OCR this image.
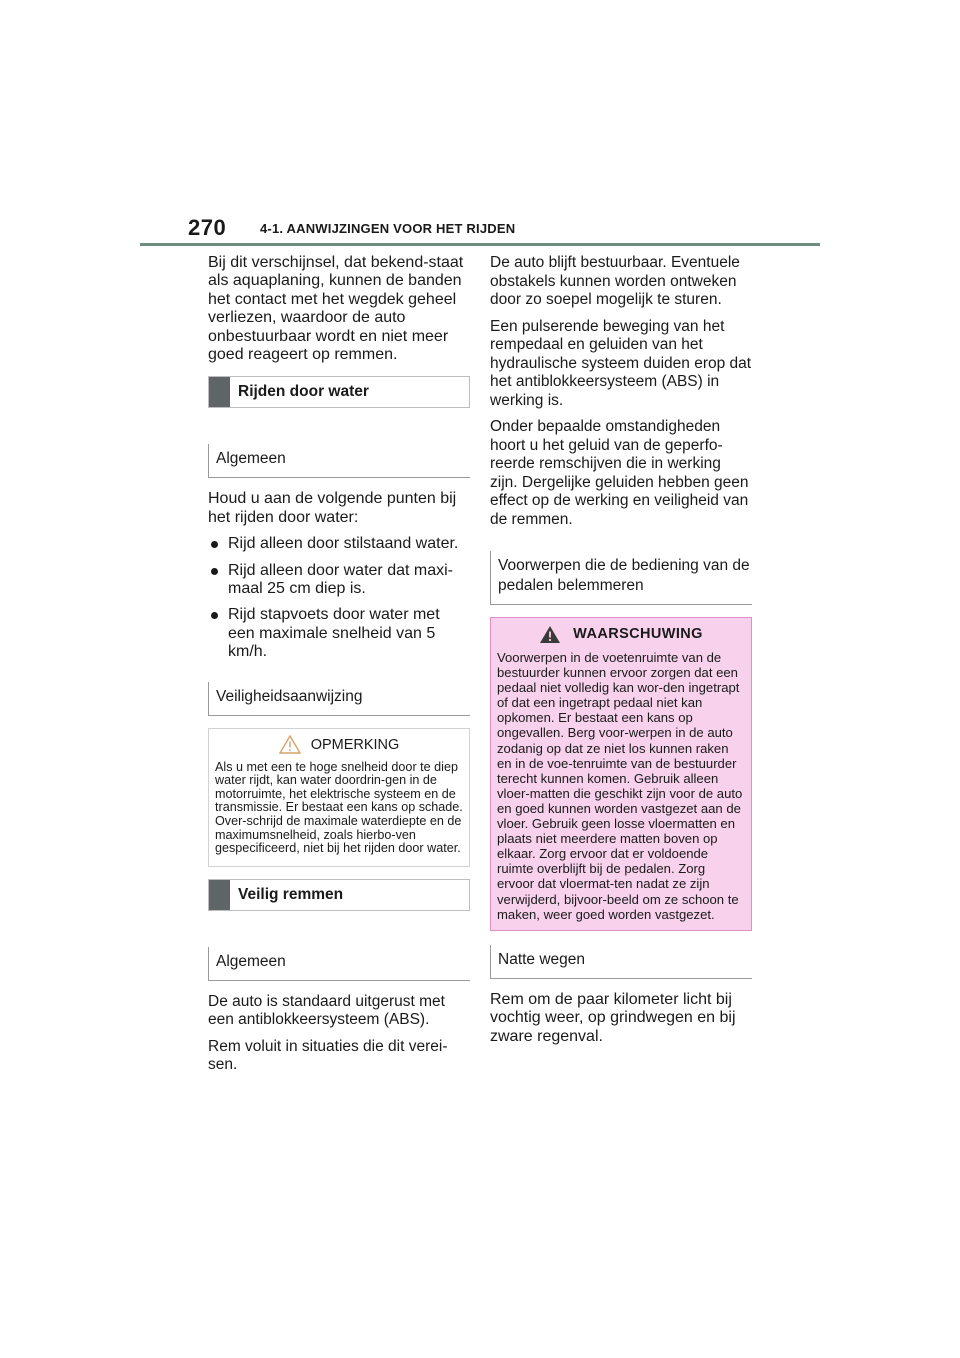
270	4-1. AANWIJZINGEN VOOR HET RIJDEN

Bij dit verschijnsel, dat bekend-staat als aquaplaning, kunnen de banden het contact met het wegdek geheel verliezen, waardoor de auto onbestuurbaar wordt en niet meer goed reageert op remmen.

Rijden door water
Algemeen

Houd u aan de volgende punten bij het rijden door water:

Rijd alleen door stilstaand water.
Rijd alleen door water dat maxi-maal 25 cm diep is.
Rijd stapvoets door water met een maximale snelheid van 5 km/h.
Veiligheidsaanwijzing
OPMERKING
Als u met een te hoge snelheid door te diep water rijdt, kan water doordrin-gen in de motorruimte, het elektrische systeem en de transmissie. Er bestaat een kans op schade. Over-schrijd de maximale waterdiepte en de maximumsnelheid, zoals hierbo-ven gespecificeerd, niet bij het rijden door water.
Veilig remmen
Algemeen

De auto is standaard uitgerust met een antiblokkeersysteem (ABS).

Rem voluit in situaties die dit verei-sen.

De auto blijft bestuurbaar. Eventuele obstakels kunnen worden ontweken door zo soepel mogelijk te sturen.

Een pulserende beweging van het rempedaal en geluiden van het hydraulische systeem duiden erop dat het antiblokkeersysteem (ABS) in werking is.

Onder bepaalde omstandigheden hoort u het geluid van de geperfo-reerde remschijven die in werking zijn. Dergelijke geluiden hebben geen effect op de werking en veiligheid van de remmen.

Voorwerpen die de bediening van de pedalen belemmeren
WAARSCHUWING
Voorwerpen in de voetenruimte van de bestuurder kunnen ervoor zorgen dat een pedaal niet volledig kan wor-den ingetrapt of dat een ingetrapt pedaal niet kan opkomen. Er bestaat een kans op ongevallen. Berg voor-werpen in de auto zodanig op dat ze niet los kunnen raken en in de voe-tenruimte van de bestuurder terecht kunnen komen. Gebruik alleen vloer-matten die geschikt zijn voor de auto en goed kunnen worden vastgezet aan de vloer. Gebruik geen losse vloermatten en plaats niet meerdere matten boven op elkaar. Zorg ervoor dat er voldoende ruimte overblijft bij de pedalen. Zorg ervoor dat vloermat-ten nadat ze zijn verwijderd, bijvoor-beeld om ze schoon te maken, weer goed worden vastgezet.
Natte wegen

Rem om de paar kilometer licht bij vochtig weer, op grindwegen en bij zware regenval.
